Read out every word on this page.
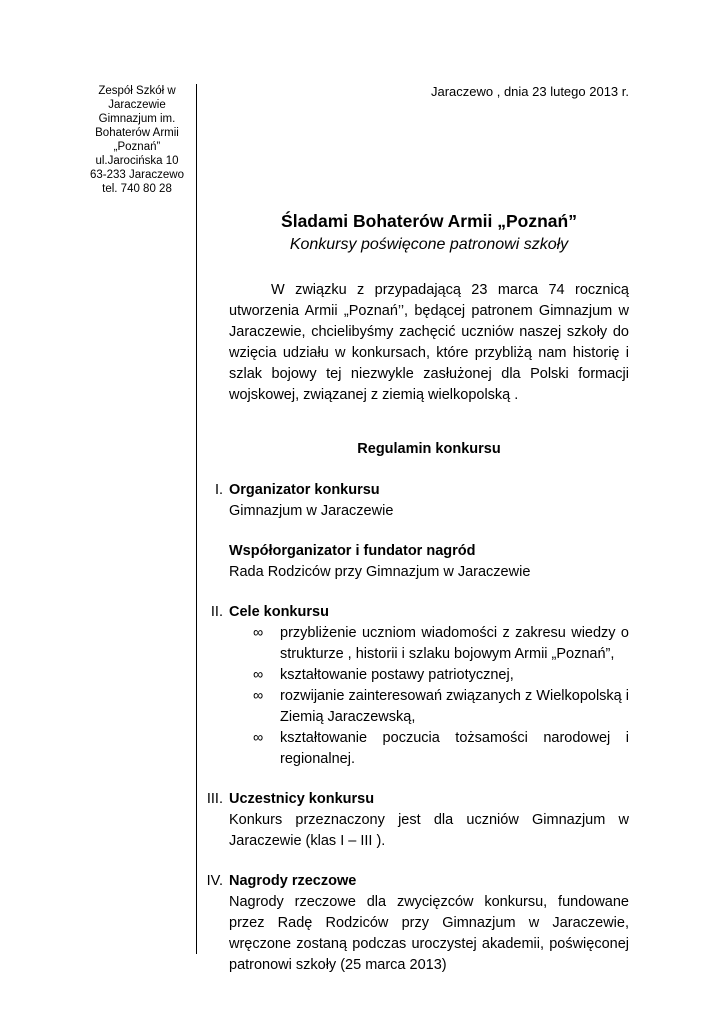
Zespół Szkół w
Jaraczewie
Gimnazjum im.
Bohaterów Armii
„Poznań”
ul.Jarocińska 10
63-233 Jaraczewo
tel. 740 80 28
Jaraczewo , dnia 23 lutego 2013 r.
Śladami Bohaterów Armii „Poznań”
Konkursy poświęcone patronowi szkoły

W związku z przypadającą 23 marca 74 rocznicą utworzenia Armii „Poznań’’, będącej patronem Gimnazjum w Jaraczewie, chcielibyśmy zachęcić uczniów naszej szkoły do wzięcia udziału w konkursach, które przybliżą nam historię i szlak bojowy tej niezwykle zasłużonej dla Polski formacji wojskowej, związanej z ziemią wielkopolską .

Regulamin konkursu
I. Organizator konkursu
Gimnazjum w Jaraczewie
Współorganizator i fundator nagród
Rada Rodziców przy Gimnazjum w Jaraczewie
II. Cele konkursu
∞	przybliżenie uczniom wiadomości z zakresu wiedzy o strukturze , historii i szlaku bojowym Armii „Poznań”,
∞	kształtowanie postawy patriotycznej,
∞	rozwijanie zainteresowań związanych z Wielkopolską i Ziemią Jaraczewską,
∞	kształtowanie poczucia tożsamości narodowej i regionalnej.
III. Uczestnicy konkursu
Konkurs przeznaczony jest dla uczniów Gimnazjum w Jaraczewie (klas I – III ).
IV. Nagrody rzeczowe
Nagrody rzeczowe dla zwycięzców konkursu, fundowane przez Radę Rodziców przy Gimnazjum w Jaraczewie, wręczone zostaną podczas uroczystej akademii, poświęconej patronowi szkoły (25 marca 2013)
